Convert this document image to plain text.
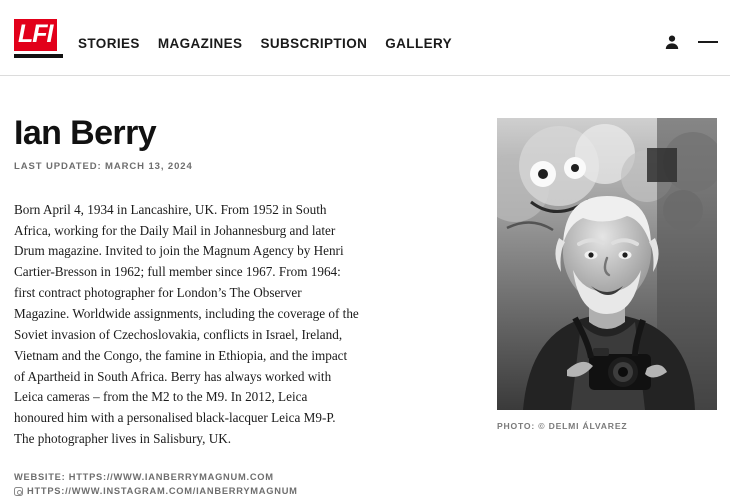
LFI STORIES MAGAZINES SUBSCRIPTION GALLERY
Ian Berry
LAST UPDATED: MARCH 13, 2024

Born April 4, 1934 in Lancashire, UK. From 1952 in South Africa, working for the Daily Mail in Johannesburg and later Drum magazine. Invited to join the Magnum Agency by Henri Cartier-Bresson in 1962; full member since 1967. From 1964: first contract photographer for London’s The Observer Magazine. Worldwide assignments, including the coverage of the Soviet invasion of Czechoslovakia, conflicts in Israel, Ireland, Vietnam and the Congo, the famine in Ethiopia, and the impact of Apartheid in South Africa. Berry has always worked with Leica cameras – from the M2 to the M9. In 2012, Leica honoured him with a personalised black-lacquer Leica M9-P. The photographer lives in Salisbury, UK.

WEBSITE: HTTPS://WWW.IANBERRYMAGNUM.COM
HTTPS://WWW.INSTAGRAM.COM/IANBERRYMAGNUM
PHOTO: © DELMI ÁLVAREZ
